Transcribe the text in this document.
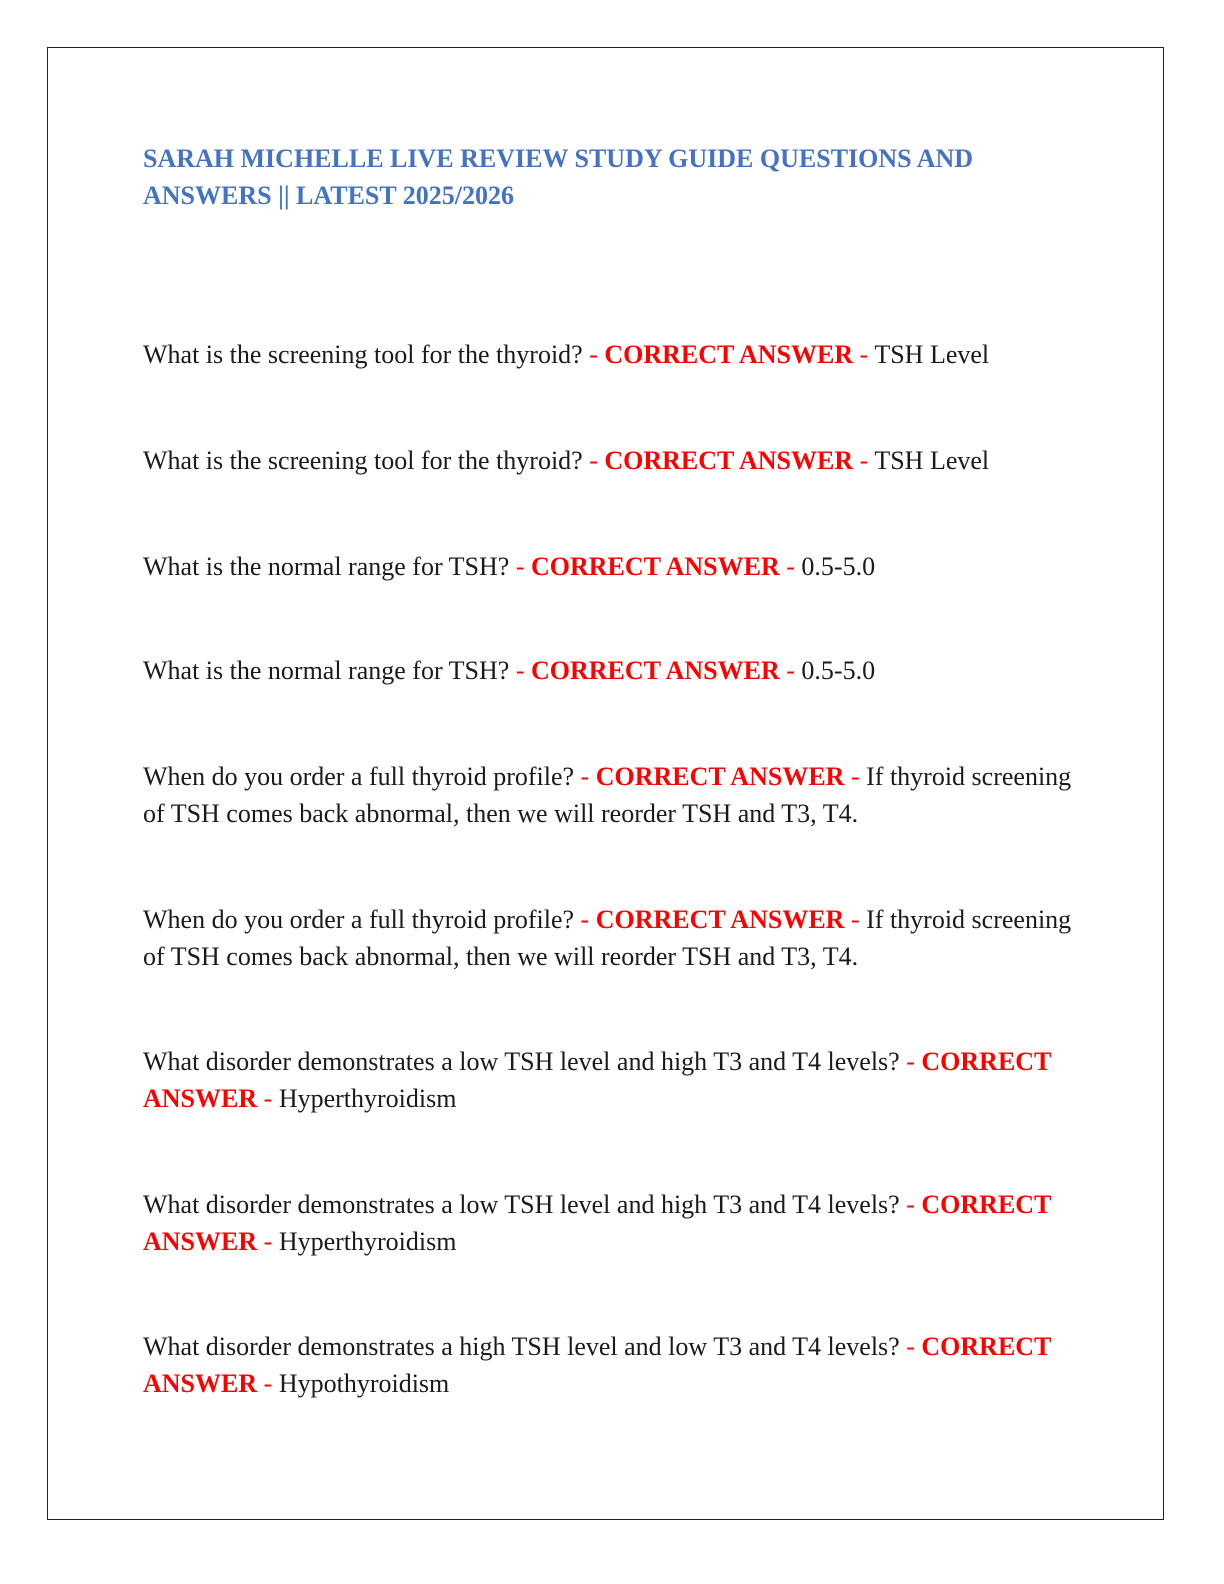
SARAH MICHELLE LIVE REVIEW STUDY GUIDE QUESTIONS AND ANSWERS || LATEST 2025/2026

What is the screening tool for the thyroid? - CORRECT ANSWER - TSH Level

What is the screening tool for the thyroid? - CORRECT ANSWER - TSH Level

What is the normal range for TSH? - CORRECT ANSWER - 0.5-5.0

What is the normal range for TSH? - CORRECT ANSWER - 0.5-5.0

When do you order a full thyroid profile? - CORRECT ANSWER - If thyroid screening of TSH comes back abnormal, then we will reorder TSH and T3, T4.

When do you order a full thyroid profile? - CORRECT ANSWER - If thyroid screening of TSH comes back abnormal, then we will reorder TSH and T3, T4.

What disorder demonstrates a low TSH level and high T3 and T4 levels? - CORRECT ANSWER - Hyperthyroidism

What disorder demonstrates a low TSH level and high T3 and T4 levels? - CORRECT ANSWER - Hyperthyroidism

What disorder demonstrates a high TSH level and low T3 and T4 levels? - CORRECT ANSWER - Hypothyroidism
